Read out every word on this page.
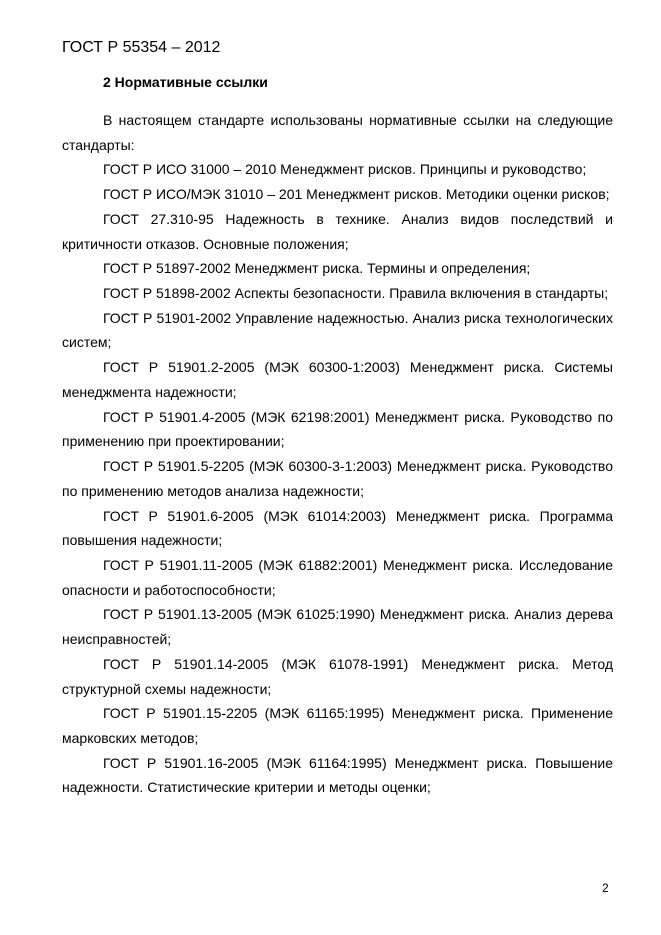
ГОСТ Р 55354 – 2012
2 Нормативные ссылки

В настоящем стандарте использованы нормативные ссылки на следующие стандарты:

ГОСТ Р ИСО 31000 – 2010 Менеджмент рисков. Принципы и руководство;

ГОСТ Р ИСО/МЭК 31010 – 201 Менеджмент рисков. Методики оценки рисков;

ГОСТ 27.310-95 Надежность в технике. Анализ видов последствий и критичности отказов. Основные положения;

ГОСТ Р 51897-2002 Менеджмент риска. Термины и определения;

ГОСТ Р 51898-2002 Аспекты безопасности. Правила включения в стандарты;

ГОСТ Р 51901-2002 Управление надежностью. Анализ риска технологических систем;

ГОСТ Р 51901.2-2005 (МЭК 60300-1:2003) Менеджмент риска. Системы менеджмента надежности;

ГОСТ Р 51901.4-2005 (МЭК 62198:2001) Менеджмент риска. Руководство по применению при проектировании;

ГОСТ Р 51901.5-2205 (МЭК 60300-3-1:2003) Менеджмент риска. Руководство по применению методов анализа надежности;

ГОСТ Р 51901.6-2005 (МЭК 61014:2003) Менеджмент риска. Программа повышения надежности;

ГОСТ Р 51901.11-2005 (МЭК 61882:2001) Менеджмент риска. Исследование опасности и работоспособности;

ГОСТ Р 51901.13-2005 (МЭК 61025:1990) Менеджмент риска. Анализ дерева неисправностей;

ГОСТ Р 51901.14-2005 (МЭК 61078-1991) Менеджмент риска. Метод структурной схемы надежности;

ГОСТ Р 51901.15-2205 (МЭК 61165:1995) Менеджмент риска. Применение марковских методов;

ГОСТ Р 51901.16-2005 (МЭК 61164:1995) Менеджмент риска. Повышение надежности. Статистические критерии и методы оценки;

2
